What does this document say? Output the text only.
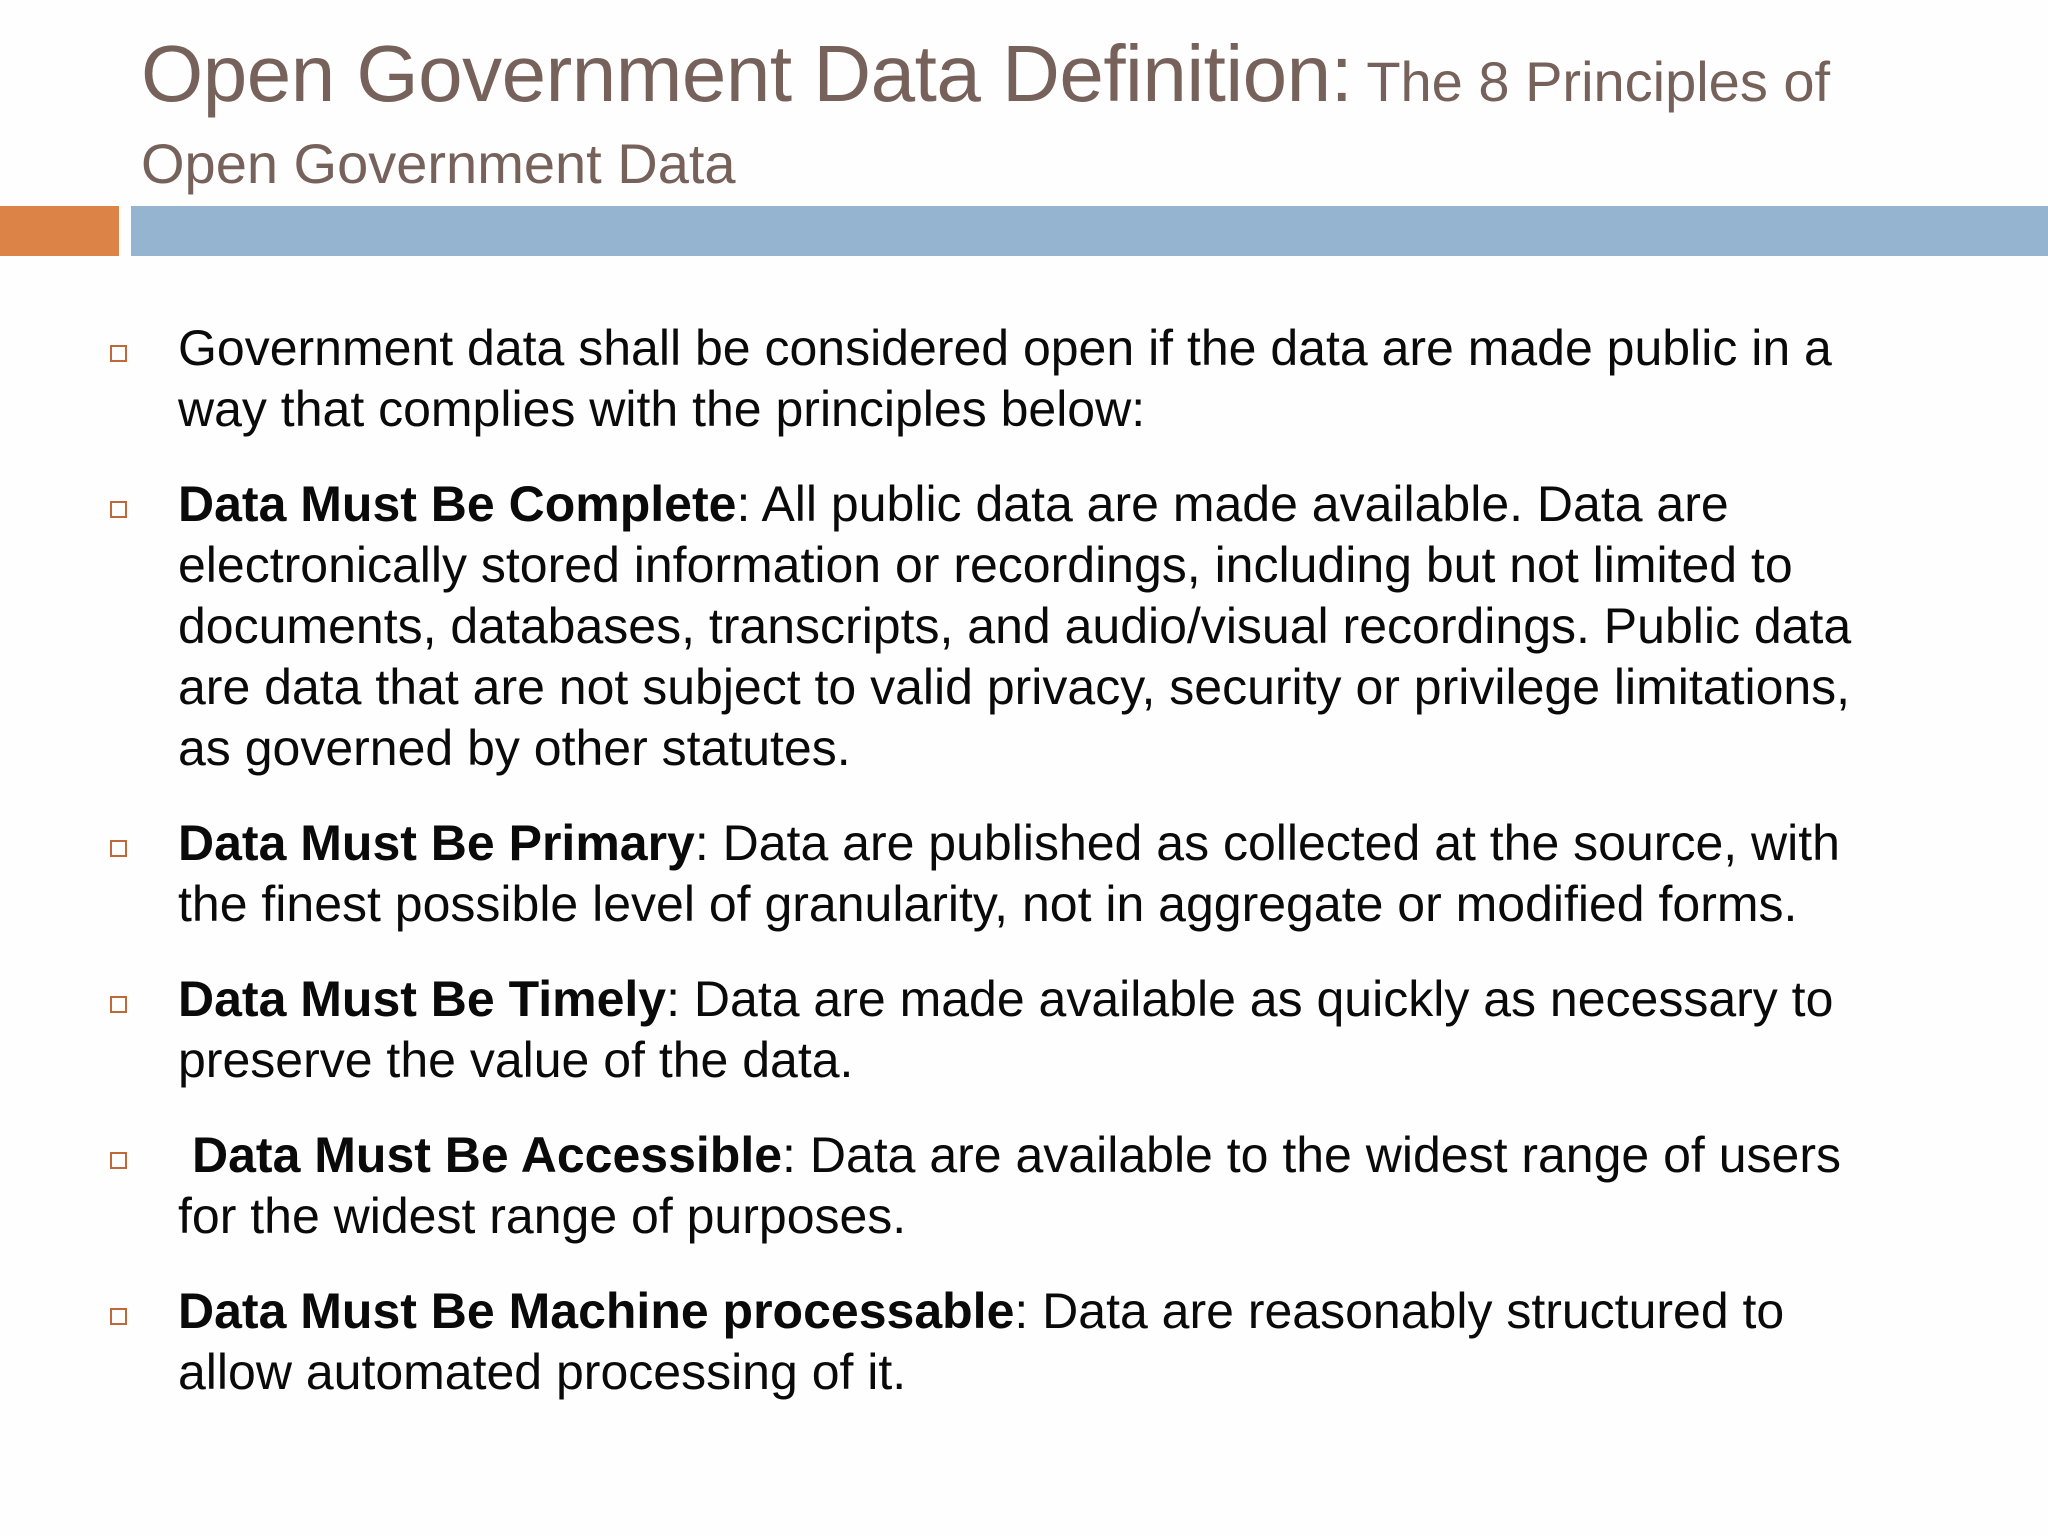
Open Government Data Definition: The 8 Principles of
Open Government Data
Government data shall be considered open if the data are made public in a way that complies with the principles below:
Data Must Be Complete: All public data are made available. Data are electronically stored information or recordings, including but not limited to documents, databases, transcripts, and audio/visual recordings. Public data are data that are not subject to valid privacy, security or privilege limitations, as governed by other statutes.
Data Must Be Primary: Data are published as collected at the source, with the finest possible level of granularity, not in aggregate or modified forms.
Data Must Be Timely: Data are made available as quickly as necessary to preserve the value of the data.
Data Must Be Accessible: Data are available to the widest range of users for the widest range of purposes.
Data Must Be Machine processable: Data are reasonably structured to allow automated processing of it.
